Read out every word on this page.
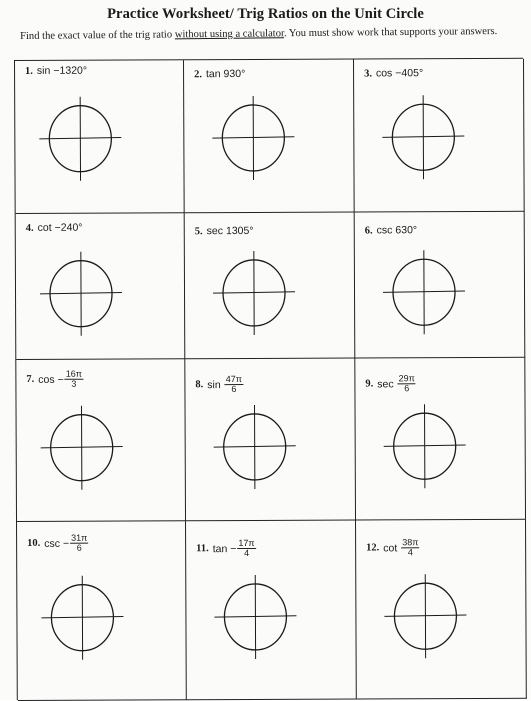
Practice Worksheet/ Trig Ratios on the Unit Circle
Find the exact value of the trig ratio without using a calculator. You must show work that supports your answers.
1. sin − 1320°	2. tan 930°	3. cos − 405°
4. cot − 240°	5. sec 1305°	6. csc 630°
7. $\cos - \frac{16\pi}{3}$	8. $\sin \frac{47\pi}{6}$	9. $\sec \frac{29\pi}{6}$
10. $\csc - \frac{31\pi}{6}$	11. $\tan - \frac{17\pi}{4}$	12. $\cot \frac{38\pi}{4}$
